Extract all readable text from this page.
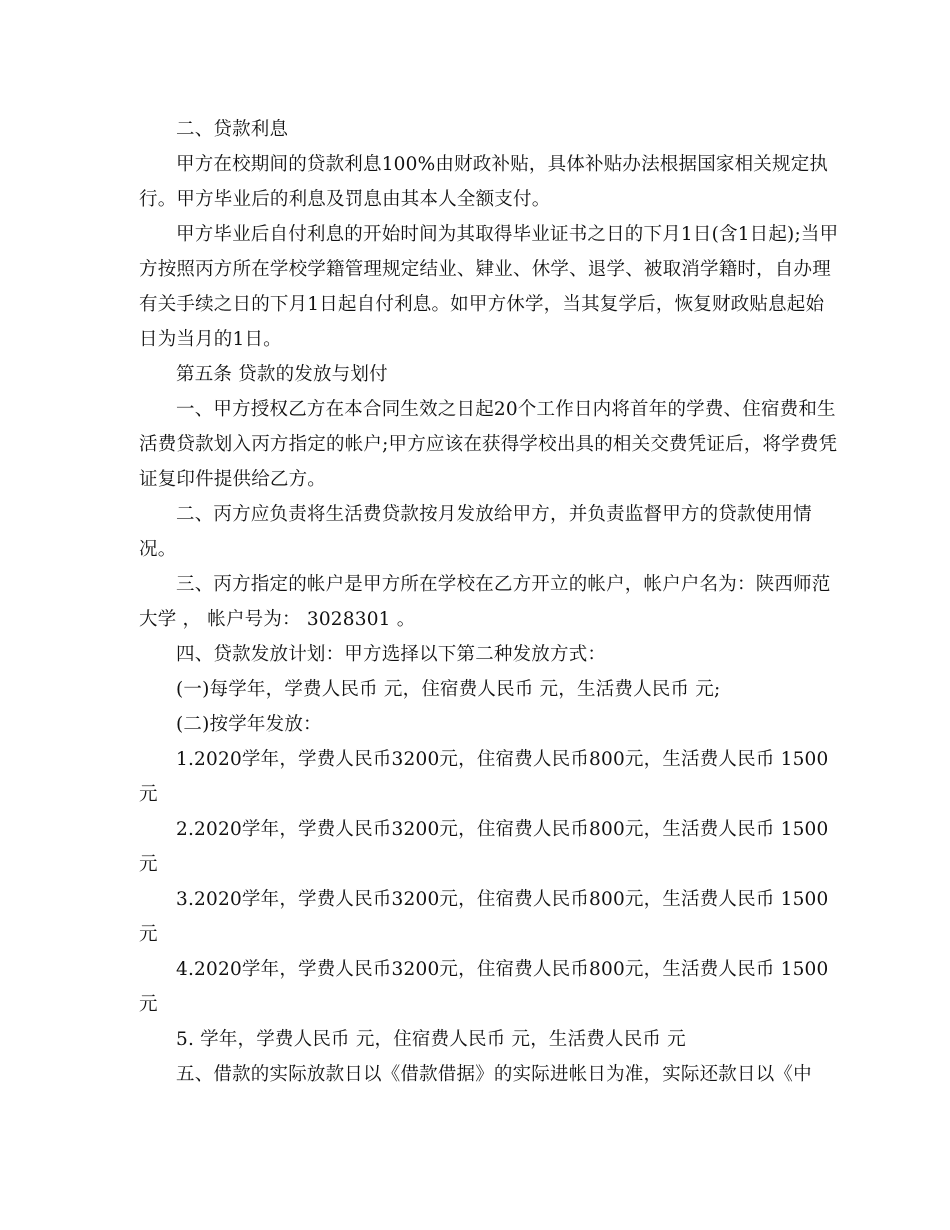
二、贷款利息

甲方在校期间的贷款利息100%由财政补贴，具体补贴办法根据国家相关规定执行。甲方毕业后的利息及罚息由其本人全额支付。

甲方毕业后自付利息的开始时间为其取得毕业证书之日的下月1日(含1日起);当甲方按照丙方所在学校学籍管理规定结业、肄业、休学、退学、被取消学籍时，自办理有关手续之日的下月1日起自付利息。如甲方休学，当其复学后，恢复财政贴息起始日为当月的1日。

第五条 贷款的发放与划付

一、甲方授权乙方在本合同生效之日起20个工作日内将首年的学费、住宿费和生活费贷款划入丙方指定的帐户;甲方应该在获得学校出具的相关交费凭证后，将学费凭证复印件提供给乙方。

二、丙方应负责将生活费贷款按月发放给甲方，并负责监督甲方的贷款使用情况。

三、丙方指定的帐户是甲方所在学校在乙方开立的帐户，帐户户名为：陕西师范大学 ， 帐户号为： 3028301 。

四、贷款发放计划：甲方选择以下第二种发放方式：

(一)每学年，学费人民币 元，住宿费人民币 元，生活费人民币 元;

(二)按学年发放：

1.2020学年，学费人民币3200元，住宿费人民币800元，生活费人民币 1500元

2.2020学年，学费人民币3200元，住宿费人民币800元，生活费人民币 1500元

3.2020学年，学费人民币3200元，住宿费人民币800元，生活费人民币 1500元

4.2020学年，学费人民币3200元，住宿费人民币800元，生活费人民币 1500元

5. 学年，学费人民币 元，住宿费人民币 元，生活费人民币 元

五、借款的实际放款日以《借款借据》的实际进帐日为准，实际还款日以《中
